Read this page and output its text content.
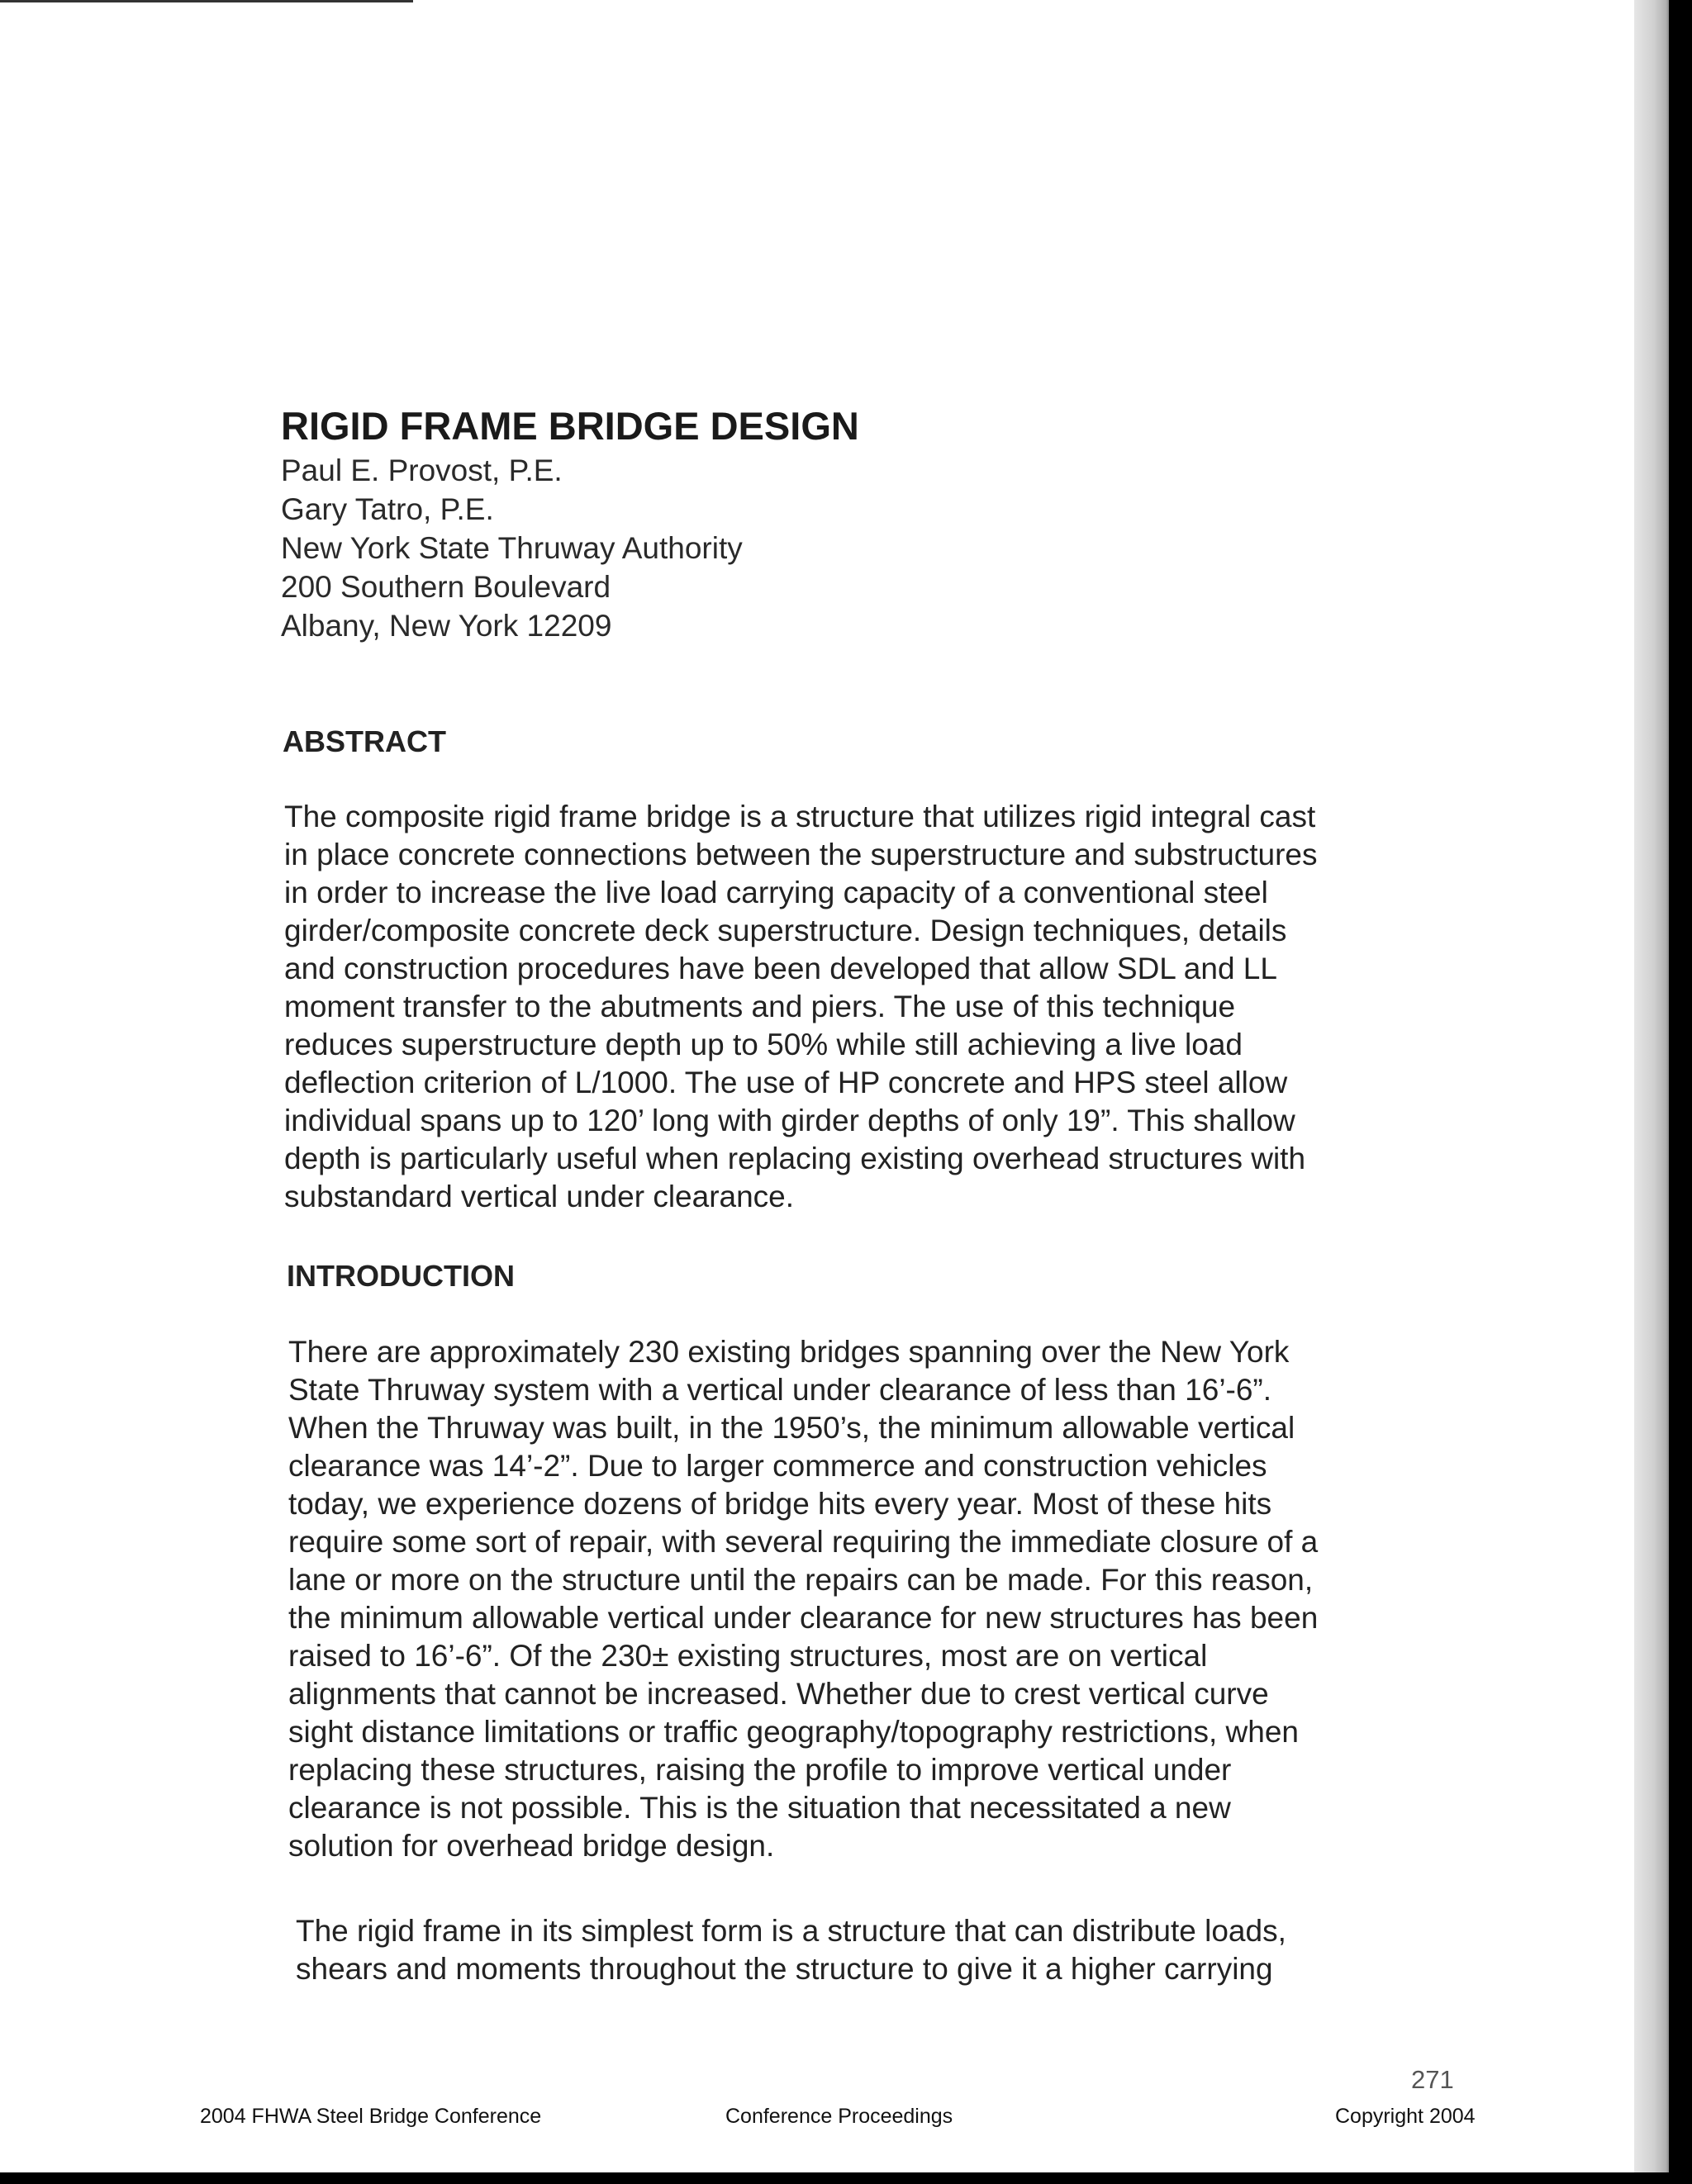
RIGID FRAME BRIDGE DESIGN

Paul E. Provost, P.E.

Gary Tatro, P.E.

New York State Thruway Authority

200 Southern Boulevard

Albany, New York 12209

ABSTRACT
The composite rigid frame bridge is a structure that utilizes rigid integral cast
in place concrete connections between the superstructure and substructures
in order to increase the live load carrying capacity of a conventional steel
girder/composite concrete deck superstructure. Design techniques, details
and construction procedures have been developed that allow SDL and LL
moment transfer to the abutments and piers. The use of this technique
reduces superstructure depth up to 50% while still achieving a live load
deflection criterion of L/1000. The use of HP concrete and HPS steel allow
individual spans up to 120’ long with girder depths of only 19”. This shallow
depth is particularly useful when replacing existing overhead structures with
substandard vertical under clearance.
INTRODUCTION
There are approximately 230 existing bridges spanning over the New York
State Thruway system with a vertical under clearance of less than 16’-6”.
When the Thruway was built, in the 1950’s, the minimum allowable vertical
clearance was 14’-2”. Due to larger commerce and construction vehicles
today, we experience dozens of bridge hits every year. Most of these hits
require some sort of repair, with several requiring the immediate closure of a
lane or more on the structure until the repairs can be made. For this reason,
the minimum allowable vertical under clearance for new structures has been
raised to 16’-6”. Of the 230± existing structures, most are on vertical
alignments that cannot be increased. Whether due to crest vertical curve
sight distance limitations or traffic geography/topography restrictions, when
replacing these structures, raising the profile to improve vertical under
clearance is not possible. This is the situation that necessitated a new
solution for overhead bridge design.
The rigid frame in its simplest form is a structure that can distribute loads,
shears and moments throughout the structure to give it a higher carrying
271
2004 FHWA Steel Bridge Conference	Conference Proceedings	Copyright 2004
